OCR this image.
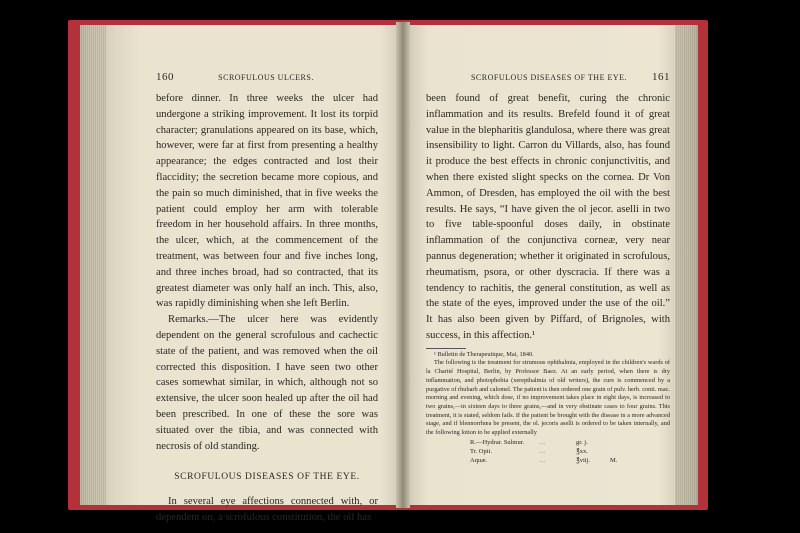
160	SCROFULOUS ULCERS.

before dinner. In three weeks the ulcer had undergone a striking improvement. It lost its torpid character; granulations appeared on its base, which, however, were far at first from presenting a healthy appearance; the edges contracted and lost their flaccidity; the secretion became more copious, and the pain so much diminished, that in five weeks the patient could employ her arm with tolerable freedom in her household affairs. In three months, the ulcer, which, at the commencement of the treatment, was between four and five inches long, and three inches broad, had so contracted, that its greatest diameter was only half an inch. This, also, was rapidly diminishing when she left Berlin.

Remarks.—The ulcer here was evidently dependent on the general scrofulous and cachectic state of the patient, and was removed when the oil corrected this disposition. I have seen two other cases somewhat similar, in which, although not so extensive, the ulcer soon healed up after the oil had been prescribed. In one of these the sore was situated over the tibia, and was connected with necrosis of old standing.

SCROFULOUS DISEASES OF THE EYE.

In several eye affections connected with, or dependent on, a scrofulous constitution, the oil has

SCROFULOUS DISEASES OF THE EYE. 161

been found of great benefit, curing the chronic inflammation and its results. Brefeld found it of great value in the blepharitis glandulosa, where there was great insensibility to light. Carron du Villards, also, has found it produce the best effects in chronic conjunctivitis, and when there existed slight specks on the cornea. Dr Von Ammon, of Dresden, has employed the oil with the best results. He says, “I have given the ol jecor. aselli in two to five table-spoonful doses daily, in obstinate inflammation of the conjunctiva corneæ, very near pannus degeneration; whether it originated in scrofulous, rheumatism, psora, or other dyscracia. If there was a tendency to rachitis, the general constitution, as well as the state of the eyes, improved under the use of the oil.” It has also been given by Piffard, of Brignoles, with success, in this affection.¹

¹ Bulletin de Therapeutique, Mai, 1840.

The following is the treatment for strumous ophthalmia, employed in the children's wards of la Charité Hospital, Berlin, by Professor Baez. At an early period, when there is dry inflammation, and photophobia (xerepthalmia of old writers), the cure is commenced by a purgative of rhubarb and calomel. The patient is then ordered one grain of pulv. herb. conii. mac. morning and evening, which dose, if no improvement takes place in eight days, is increased to two grains,—in sixteen days to three grains,—and in very obstinate cases to four grains. This treatment, it is stated, seldom fails. If the patient be brought with the disease in a more advanced stage, and if blennorrhœa be present, the ol. jecoris aselli is ordered to be taken internally, and the following lotion to be applied externally

R.—Hydrar. Sulmur.	. .	gr. j.
Tr. Opii.	. .	℥xx.
Aquæ.	. .	℥viij.	M.
